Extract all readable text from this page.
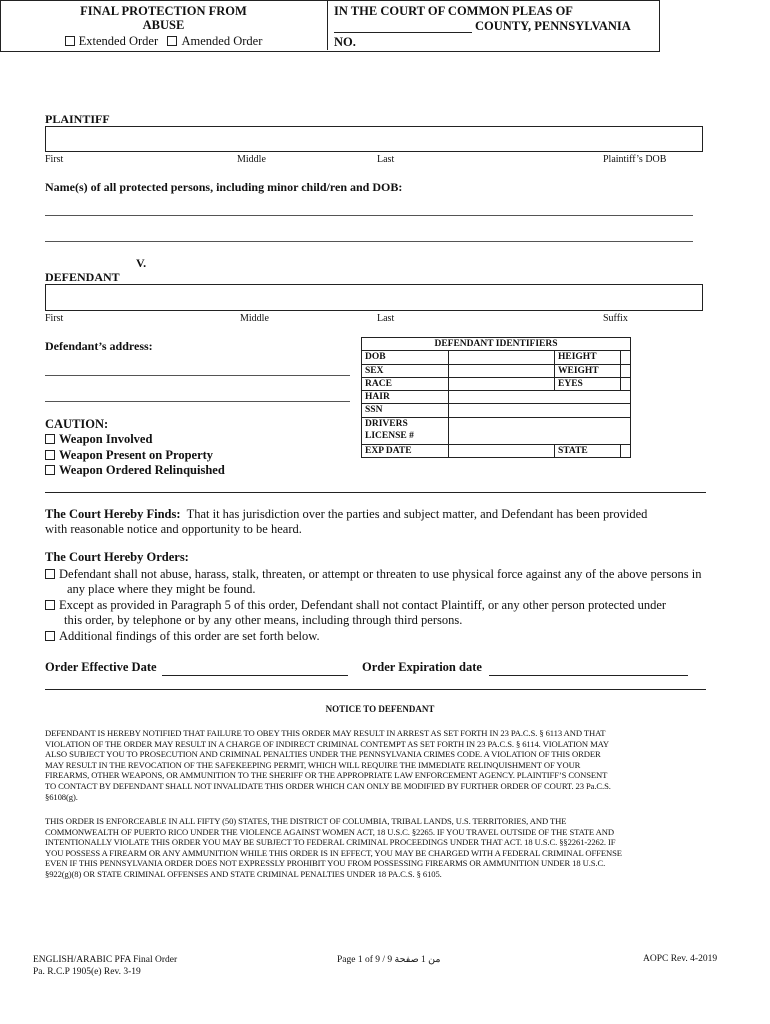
FINAL PROTECTION FROM
ABUSE
Extended Order Amended Order
IN THE COURT OF COMMON PLEAS OF
COUNTY, PENNSYLVANIA
NO.
PLAINTIFF
First	Middle	Last	Plaintiff’s DOB
Name(s) of all protected persons, including minor child/ren and DOB:
V.
DEFENDANT
First	Middle	Last	Suffix
Defendant’s address:	DEFENDANT IDENTIFIERS			
DOB		HEIGHT	
SEX		WEIGHT	
RACE		EYES	
HAIR			
SSN			

DRIVERS
LICENSE #			

EXP DATE		STATE	
CAUTION:
Weapon Involved
Weapon Present on Property
Weapon Ordered Relinquished
The Court Hereby Finds: That it has jurisdiction over the parties and subject matter, and Defendant has been provided
with reasonable notice and opportunity to be heard.
The Court Hereby Orders:
Defendant shall not abuse, harass, stalk, threaten, or attempt or threaten to use physical force against any of the above persons in
any place where they might be found.
Except as provided in Paragraph 5 of this order, Defendant shall not contact Plaintiff, or any other person protected under
this order, by telephone or by any other means, including through third persons.
Additional findings of this order are set forth below.
Order Effective Date	Order Expiration date
NOTICE TO DEFENDANT
DEFENDANT IS HEREBY NOTIFIED THAT FAILURE TO OBEY THIS ORDER MAY RESULT IN ARREST AS SET FORTH IN 23 PA.C.S. § 6113 AND THAT
VIOLATION OF THE ORDER MAY RESULT IN A CHARGE OF INDIRECT CRIMINAL CONTEMPT AS SET FORTH IN 23 PA.C.S. § 6114. VIOLATION MAY
ALSO SUBJECT YOU TO PROSECUTION AND CRIMINAL PENALTIES UNDER THE PENNSYLVANIA CRIMES CODE. A VIOLATION OF THIS ORDER
MAY RESULT IN THE REVOCATION OF THE SAFEKEEPING PERMIT, WHICH WILL REQUIRE THE IMMEDIATE RELINQUISHMENT OF YOUR
FIREARMS, OTHER WEAPONS, OR AMMUNITION TO THE SHERIFF OR THE APPROPRIATE LAW ENFORCEMENT AGENCY. PLAINTIFF’S CONSENT
TO CONTACT BY DEFENDANT SHALL NOT INVALIDATE THIS ORDER WHICH CAN ONLY BE MODIFIED BY FURTHER ORDER OF COURT. 23 Pa.C.S.
§6108(g).
THIS ORDER IS ENFORCEABLE IN ALL FIFTY (50) STATES, THE DISTRICT OF COLUMBIA, TRIBAL LANDS, U.S. TERRITORIES, AND THE
COMMONWEALTH OF PUERTO RICO UNDER THE VIOLENCE AGAINST WOMEN ACT, 18 U.S.C. §2265. IF YOU TRAVEL OUTSIDE OF THE STATE AND
INTENTIONALLY VIOLATE THIS ORDER YOU MAY BE SUBJECT TO FEDERAL CRIMINAL PROCEEDINGS UNDER THAT ACT. 18 U.S.C. §§2261-2262. IF
YOU POSSESS A FIREARM OR ANY AMMUNITION WHILE THIS ORDER IS IN EFFECT, YOU MAY BE CHARGED WITH A FEDERAL CRIMINAL OFFENSE
EVEN IF THIS PENNSYLVANIA ORDER DOES NOT EXPRESSLY PROHIBIT YOU FROM POSSESSING FIREARMS OR AMMUNITION UNDER 18 U.S.C.
§922(g)(8) OR STATE CRIMINAL OFFENSES AND STATE CRIMINAL PENALTIES UNDER 18 PA.C.S. § 6105.
ENGLISH/ARABIC PFA Final Order
Pa. R.C.P 1905(e) Rev. 3-19
Page 1 of 9 / 9 من 1 صفحة	AOPC Rev. 4-2019
